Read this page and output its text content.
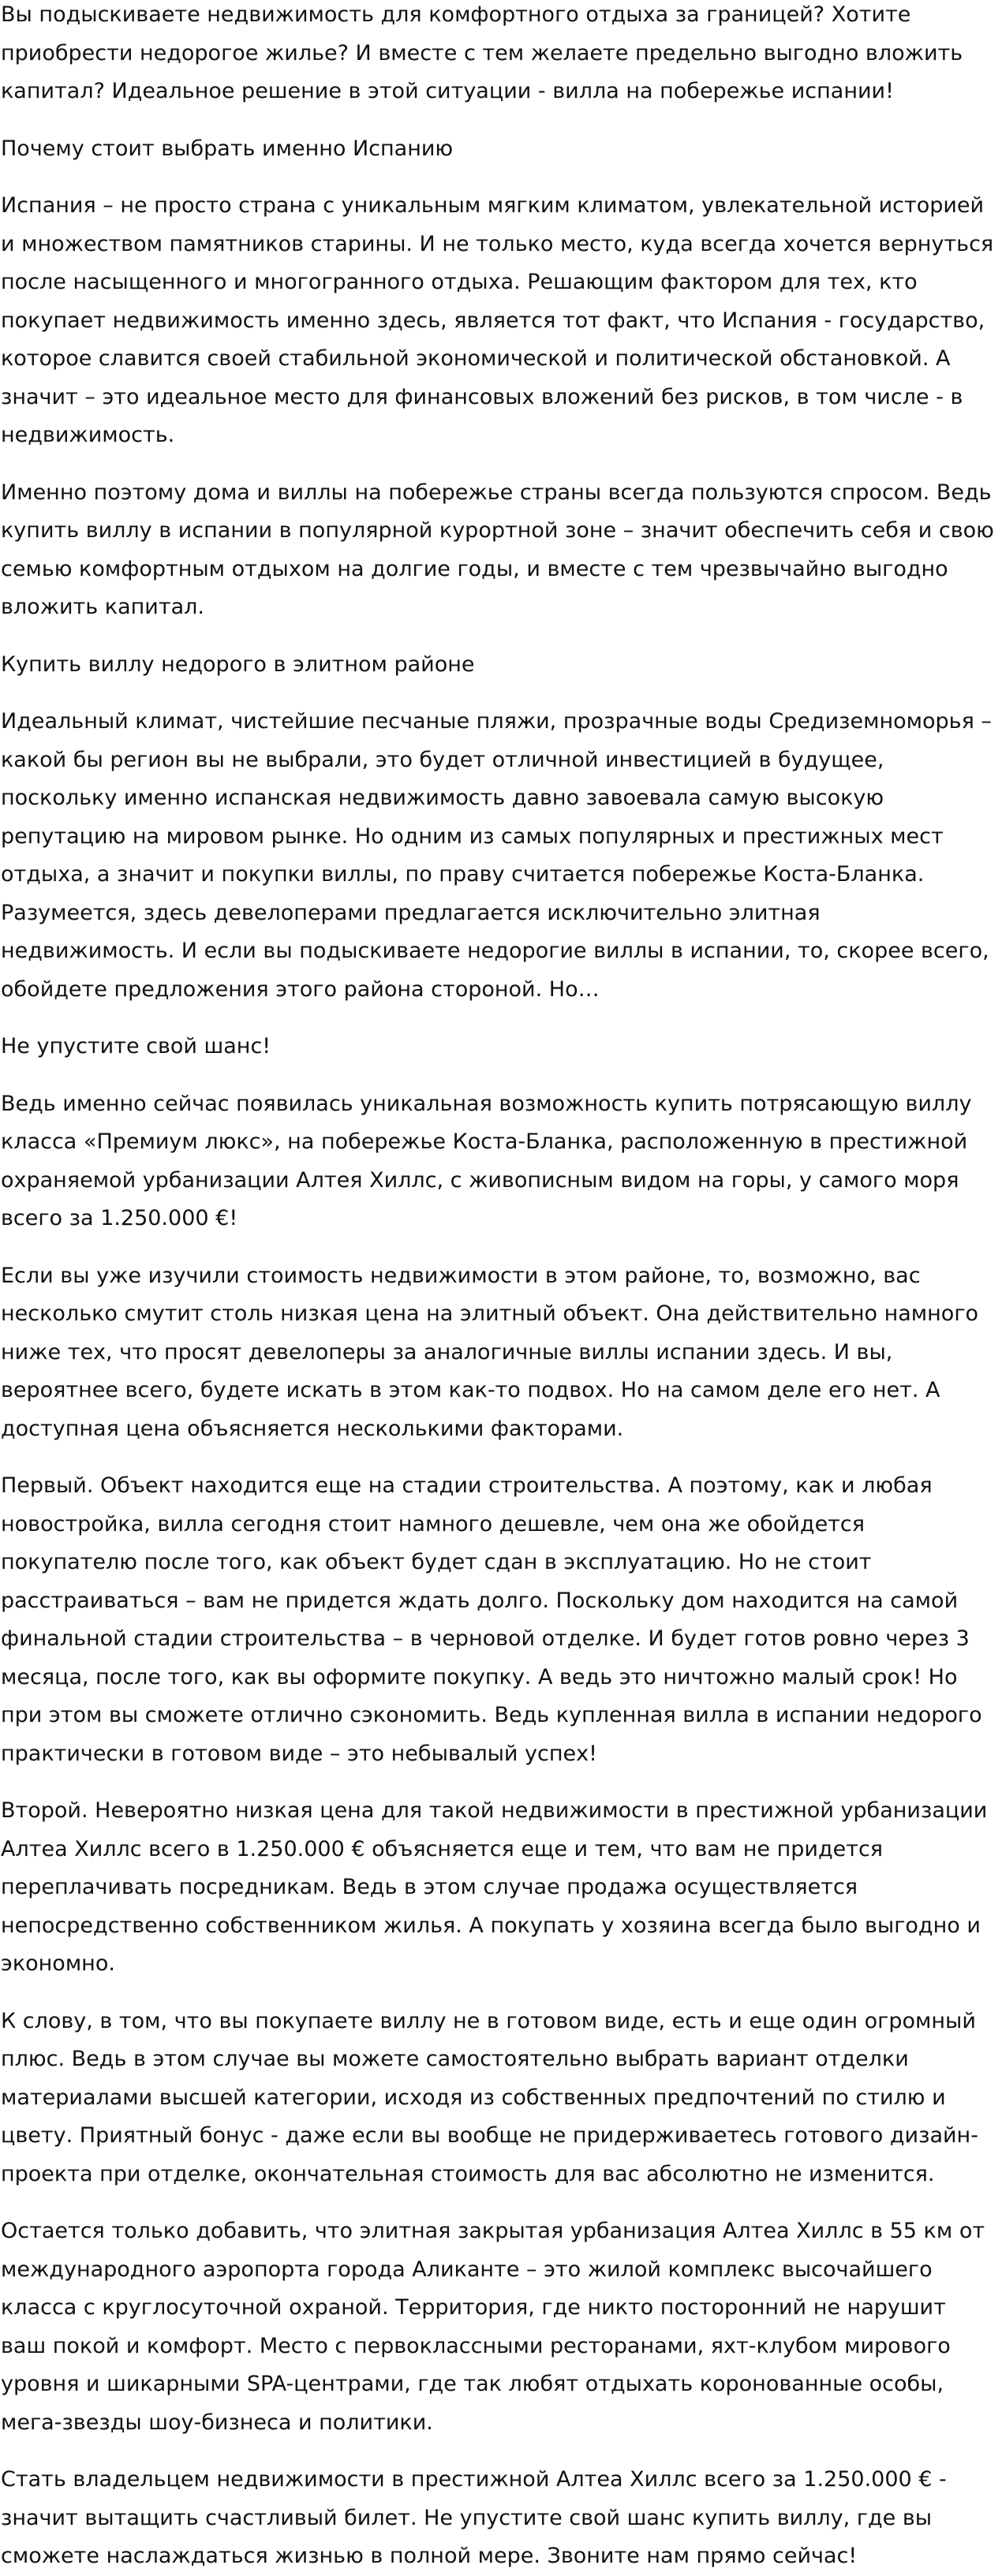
Вы подыскиваете недвижимость для комфортного отдыха за границей? Хотите приобрести недорогое жилье? И вместе с тем желаете предельно выгодно вложить капитал? Идеальное решение в этой ситуации - вилла на побережье испании!

Почему стоит выбрать именно Испанию

Испания – не просто страна с уникальным мягким климатом, увлекательной историей и множеством памятников старины. И не только место, куда всегда хочется вернуться после насыщенного и многогранного отдыха. Решающим фактором для тех, кто покупает недвижимость именно здесь, является тот факт, что Испания - государство, которое славится своей стабильной экономической и политической обстановкой. А значит – это идеальное место для финансовых вложений без рисков, в том числе - в недвижимость.

Именно поэтому дома и виллы на побережье страны всегда пользуются спросом. Ведь купить виллу в испании в популярной курортной зоне – значит обеспечить себя и свою семью комфортным отдыхом на долгие годы, и вместе с тем чрезвычайно выгодно вложить капитал.

Купить виллу недорого в элитном районе

Идеальный климат, чистейшие песчаные пляжи, прозрачные воды Средиземноморья – какой бы регион вы не выбрали, это будет отличной инвестицией в будущее, поскольку именно испанская недвижимость давно завоевала самую высокую репутацию на мировом рынке. Но одним из самых популярных и престижных мест отдыха, а значит и покупки виллы, по праву считается побережье Коста-Бланка. Разумеется, здесь девелоперами предлагается исключительно элитная недвижимость. И если вы подыскиваете недорогие виллы в испании, то, скорее всего, обойдете предложения этого района стороной. Но…

Не упустите свой шанс!

Ведь именно сейчас появилась уникальная возможность купить потрясающую виллу класса «Премиум люкс», на побережье Коста-Бланка, расположенную в престижной охраняемой урбанизации Алтея Хиллс, с живописным видом на горы, у самого моря всего за 1.250.000 €!

Если вы уже изучили стоимость недвижимости в этом районе, то, возможно, вас несколько смутит столь низкая цена на элитный объект. Она действительно намного ниже тех, что просят девелоперы за аналогичные виллы испании здесь. И вы, вероятнее всего, будете искать в этом как-то подвох. Но на самом деле его нет. А доступная цена объясняется несколькими факторами.

Первый. Объект находится еще на стадии строительства. А поэтому, как и любая новостройка, вилла сегодня стоит намного дешевле, чем она же обойдется покупателю после того, как объект будет сдан в эксплуатацию. Но не стоит расстраиваться – вам не придется ждать долго. Поскольку дом находится на самой финальной стадии строительства – в черновой отделке. И будет готов ровно через 3 месяца, после того, как вы оформите покупку. А ведь это ничтожно малый срок! Но при этом вы сможете отлично сэкономить. Ведь купленная вилла в испании недорого практически в готовом виде – это небывалый успех!

Второй. Невероятно низкая цена для такой недвижимости в престижной урбанизации Алтеа Хиллс всего в 1.250.000 € объясняется еще и тем, что вам не придется переплачивать посредникам. Ведь в этом случае продажа осуществляется непосредственно собственником жилья. А покупать у хозяина всегда было выгодно и экономно.

К слову, в том, что вы покупаете виллу не в готовом виде, есть и еще один огромный плюс. Ведь в этом случае вы можете самостоятельно выбрать вариант отделки материалами высшей категории, исходя из собственных предпочтений по стилю и цвету. Приятный бонус - даже если вы вообще не придерживаетесь готового дизайн-проекта при отделке, окончательная стоимость для вас абсолютно не изменится.

Остается только добавить, что элитная закрытая урбанизация Алтеа Хиллс в 55 км от международного аэропорта города Аликанте – это жилой комплекс высочайшего класса с круглосуточной охраной. Территория, где никто посторонний не нарушит ваш покой и комфорт. Место с первоклассными ресторанами, яхт-клубом мирового уровня и шикарными SPA-центрами, где так любят отдыхать коронованные особы, мега-звезды шоу-бизнеса и политики.

Стать владельцем недвижимости в престижной Алтеа Хиллс всего за 1.250.000 € - значит вытащить счастливый билет. Не упустите свой шанс купить виллу, где вы сможете наслаждаться жизнью в полной мере. Звоните нам прямо сейчас!
